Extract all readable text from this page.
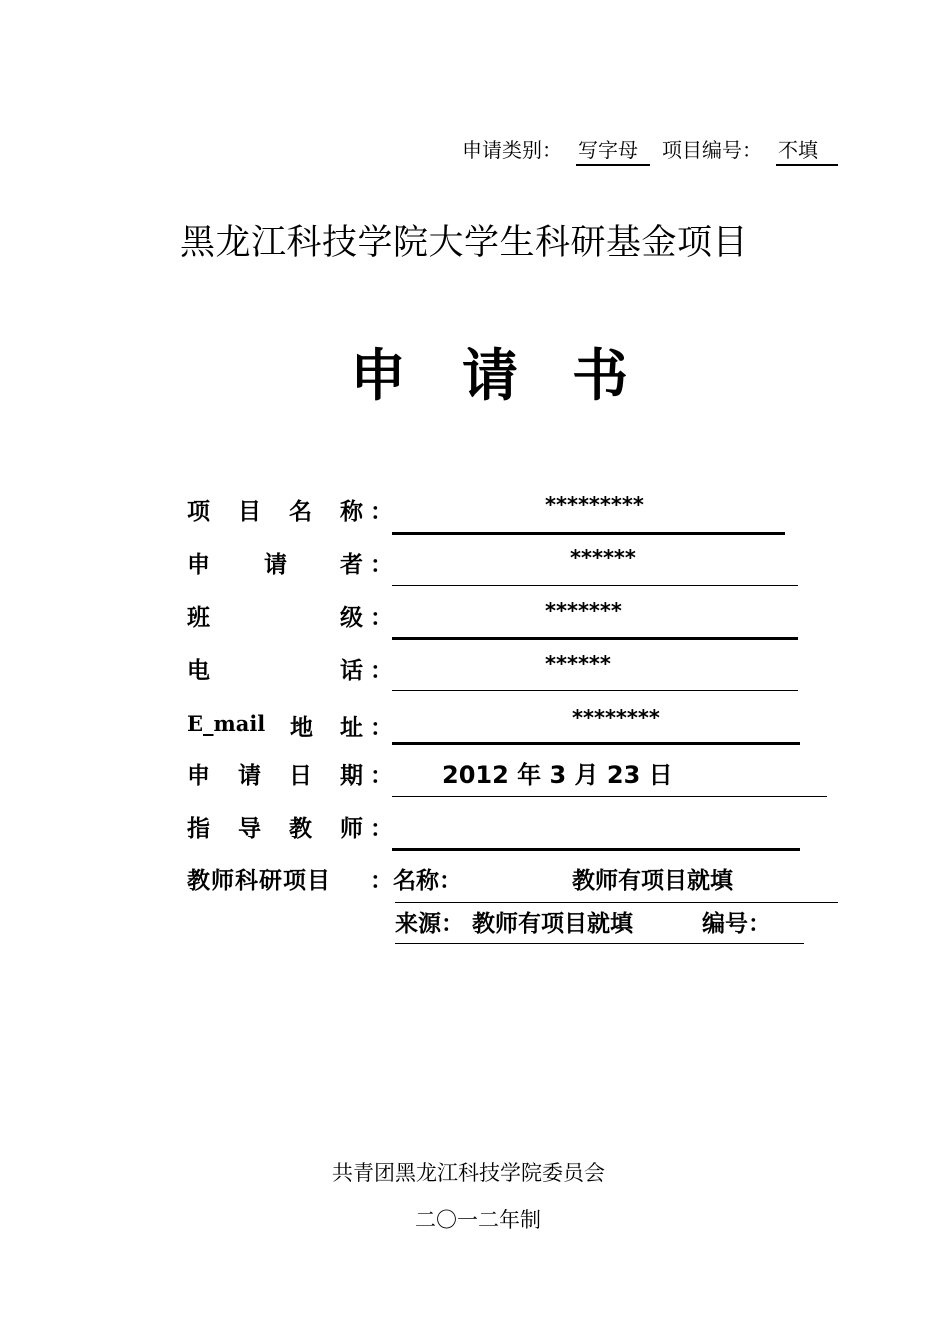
申请类别： 写字母 项目编号： 不填
黑龙江科技学院大学生科研基金项目
申 请 书
项 目 名 称 ：	*********
申 请 者 ：	******
班	级 ：	*******
电	话 ：	******
E_mail 地 址 ：	********
申 请 日 期 ： 2012 年 3 月 23 日
指 导 教 师 ：
教师科研项目 ： 名称：	教师有项目就填
来源： 教师有项目就填	编号：
共青团黑龙江科技学院委员会
二〇一二年制
